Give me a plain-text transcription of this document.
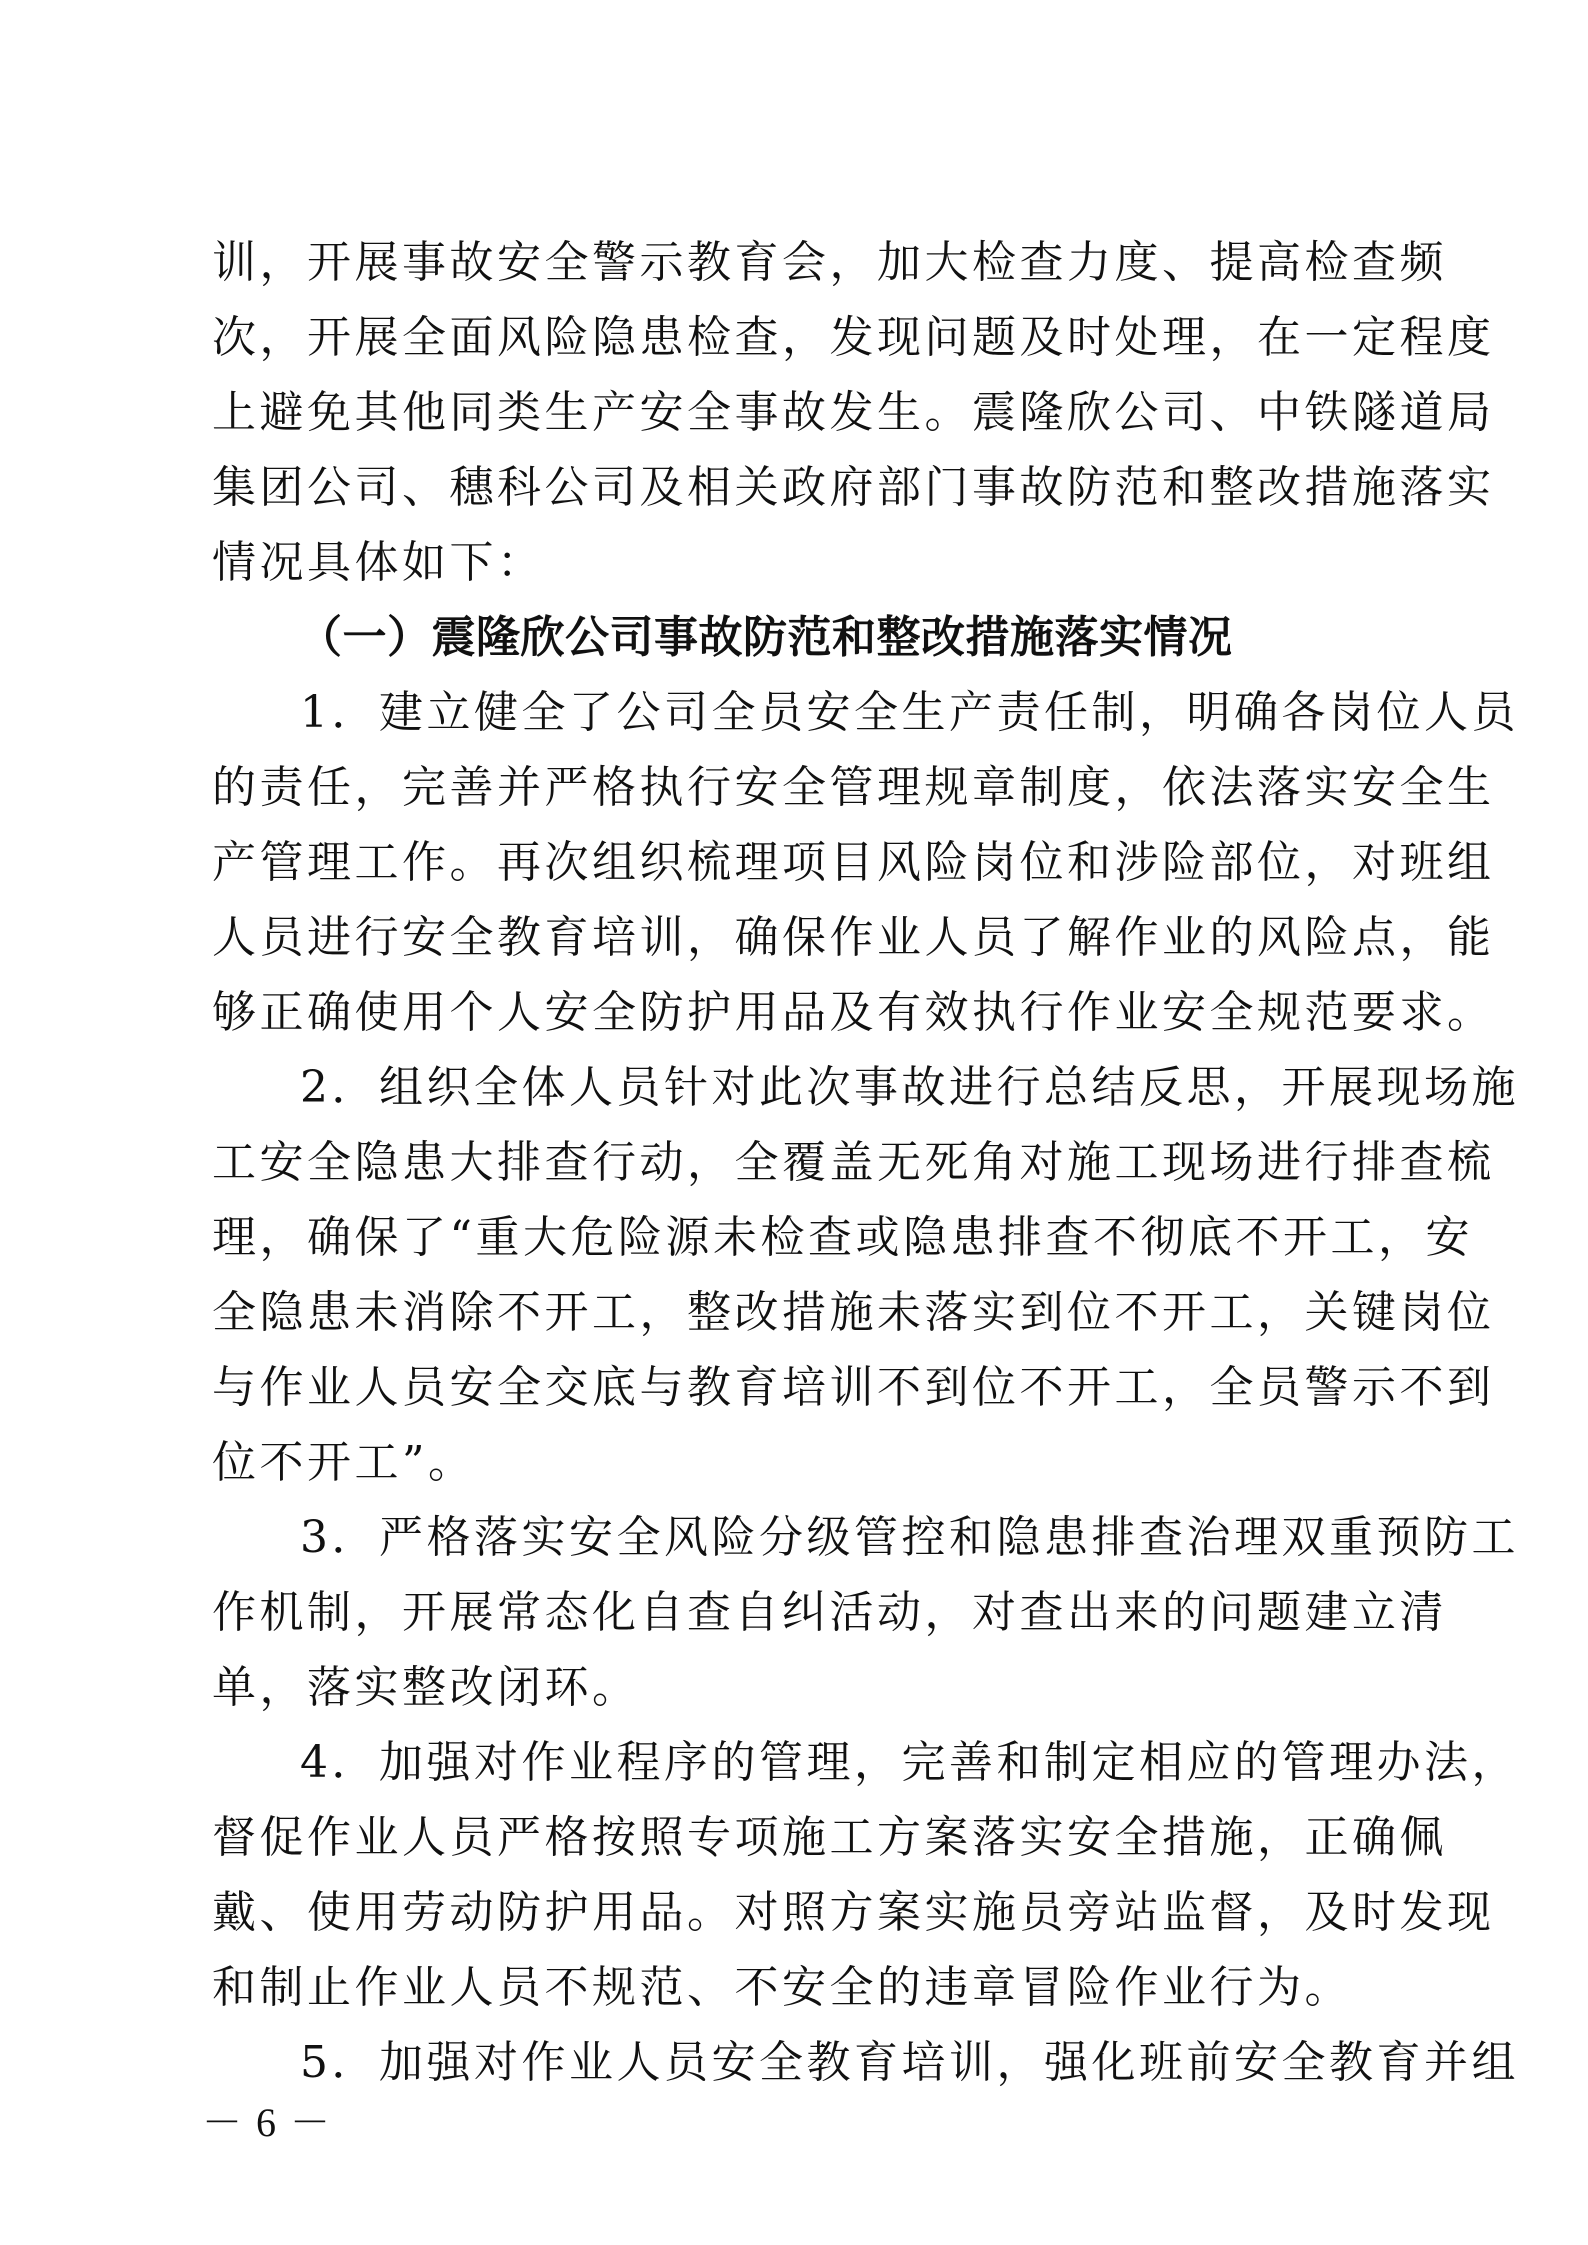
训，开展事故安全警示教育会，加大检查力度、提高检查频
次，开展全面风险隐患检查，发现问题及时处理，在一定程度
上避免其他同类生产安全事故发生。震隆欣公司、中铁隧道局
集团公司、穗科公司及相关政府部门事故防范和整改措施落实
情况具体如下：
（一）震隆欣公司事故防范和整改措施落实情况
1．建立健全了公司全员安全生产责任制，明确各岗位人员
的责任，完善并严格执行安全管理规章制度，依法落实安全生
产管理工作。再次组织梳理项目风险岗位和涉险部位，对班组
人员进行安全教育培训，确保作业人员了解作业的风险点，能
够正确使用个人安全防护用品及有效执行作业安全规范要求。
2．组织全体人员针对此次事故进行总结反思，开展现场施
工安全隐患大排查行动，全覆盖无死角对施工现场进行排查梳
理，确保了“重大危险源未检查或隐患排查不彻底不开工，安
全隐患未消除不开工，整改措施未落实到位不开工，关键岗位
与作业人员安全交底与教育培训不到位不开工，全员警示不到
位不开工”。
3．严格落实安全风险分级管控和隐患排查治理双重预防工
作机制，开展常态化自查自纠活动，对查出来的问题建立清
单，落实整改闭环。
4．加强对作业程序的管理，完善和制定相应的管理办法，
督促作业人员严格按照专项施工方案落实安全措施，正确佩
戴、使用劳动防护用品。对照方案实施员旁站监督，及时发现
和制止作业人员不规范、不安全的违章冒险作业行为。
5．加强对作业人员安全教育培训，强化班前安全教育并组
－ 6 －
